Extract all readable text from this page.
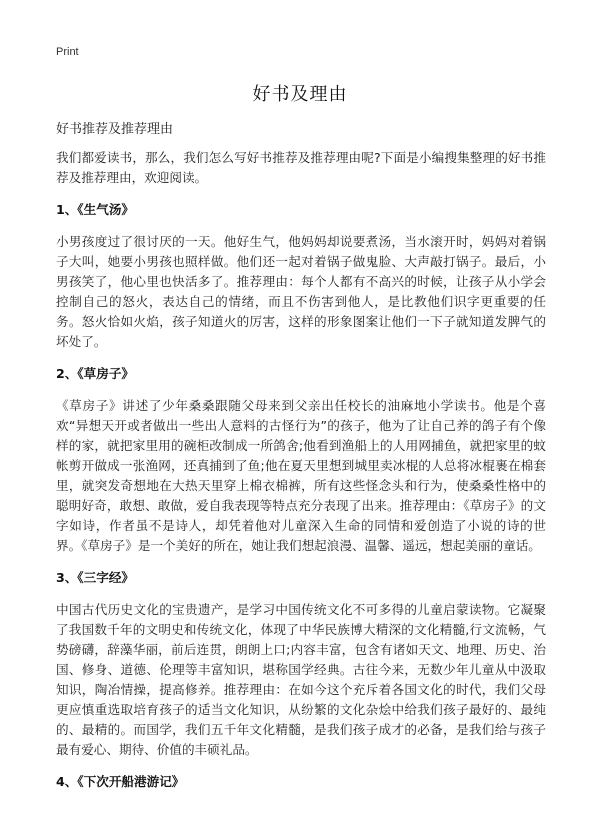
Print
好书及理由
好书推荐及推荐理由

我们都爱读书，那么，我们怎么写好书推荐及推荐理由呢?下面是小编搜集整理的好书推荐及推荐理由，欢迎阅读。

1、《生气汤》

小男孩度过了很讨厌的一天。他好生气，他妈妈却说要煮汤，当水滚开时，妈妈对着锅子大叫，她要小男孩也照样做。他们还一起对着锅子做鬼脸、大声敲打锅子。最后，小男孩笑了，他心里也快活多了。推荐理由：每个人都有不高兴的时候，让孩子从小学会控制自己的怒火，表达自己的情绪，而且不伤害到他人，是比教他们识字更重要的任务。怒火恰如火焰，孩子知道火的厉害，这样的形象图案让他们一下子就知道发脾气的坏处了。

2、《草房子》

《草房子》讲述了少年桑桑跟随父母来到父亲出任校长的油麻地小学读书。他是个喜欢“异想天开或者做出一些出人意料的古怪行为”的孩子，他为了让自己养的鸽子有个像样的家，就把家里用的碗柜改制成一所鸽舍;他看到渔船上的人用网捕鱼，就把家里的蚊帐剪开做成一张渔网，还真捕到了鱼;他在夏天里想到城里卖冰棍的人总将冰棍裹在棉套里，就突发奇想地在大热天里穿上棉衣棉裤，所有这些怪念头和行为，使桑桑性格中的聪明好奇，敢想、敢做，爱自我表现等特点充分表现了出来。推荐理由：《草房子》的文字如诗，作者虽不是诗人，却凭着他对儿童深入生命的同情和爱创造了小说的诗的世界。《草房子》是一个美好的所在，她让我们想起浪漫、温馨、遥远，想起美丽的童话。

3、《三字经》

中国古代历史文化的宝贵遗产，是学习中国传统文化不可多得的儿童启蒙读物。它凝聚了我国数千年的文明史和传统文化，体现了中华民族博大精深的文化精髓,行文流畅，气势磅礴，辞藻华丽，前后连贯，朗朗上口;内容丰富，包含有诸如天文、地理、历史、治国、修身、道德、伦理等丰富知识，堪称国学经典。古往今来，无数少年儿童从中汲取知识，陶冶情操，提高修养。推荐理由：在如今这个充斥着各国文化的时代，我们父母更应慎重选取培育孩子的适当文化知识，从纷繁的文化杂烩中给我们孩子最好的、最纯的、最精的。而国学，我们五千年文化精髓，是我们孩子成才的必备，是我们给与孩子最有爱心、期待、价值的丰硕礼品。

4、《下次开船港游记》
